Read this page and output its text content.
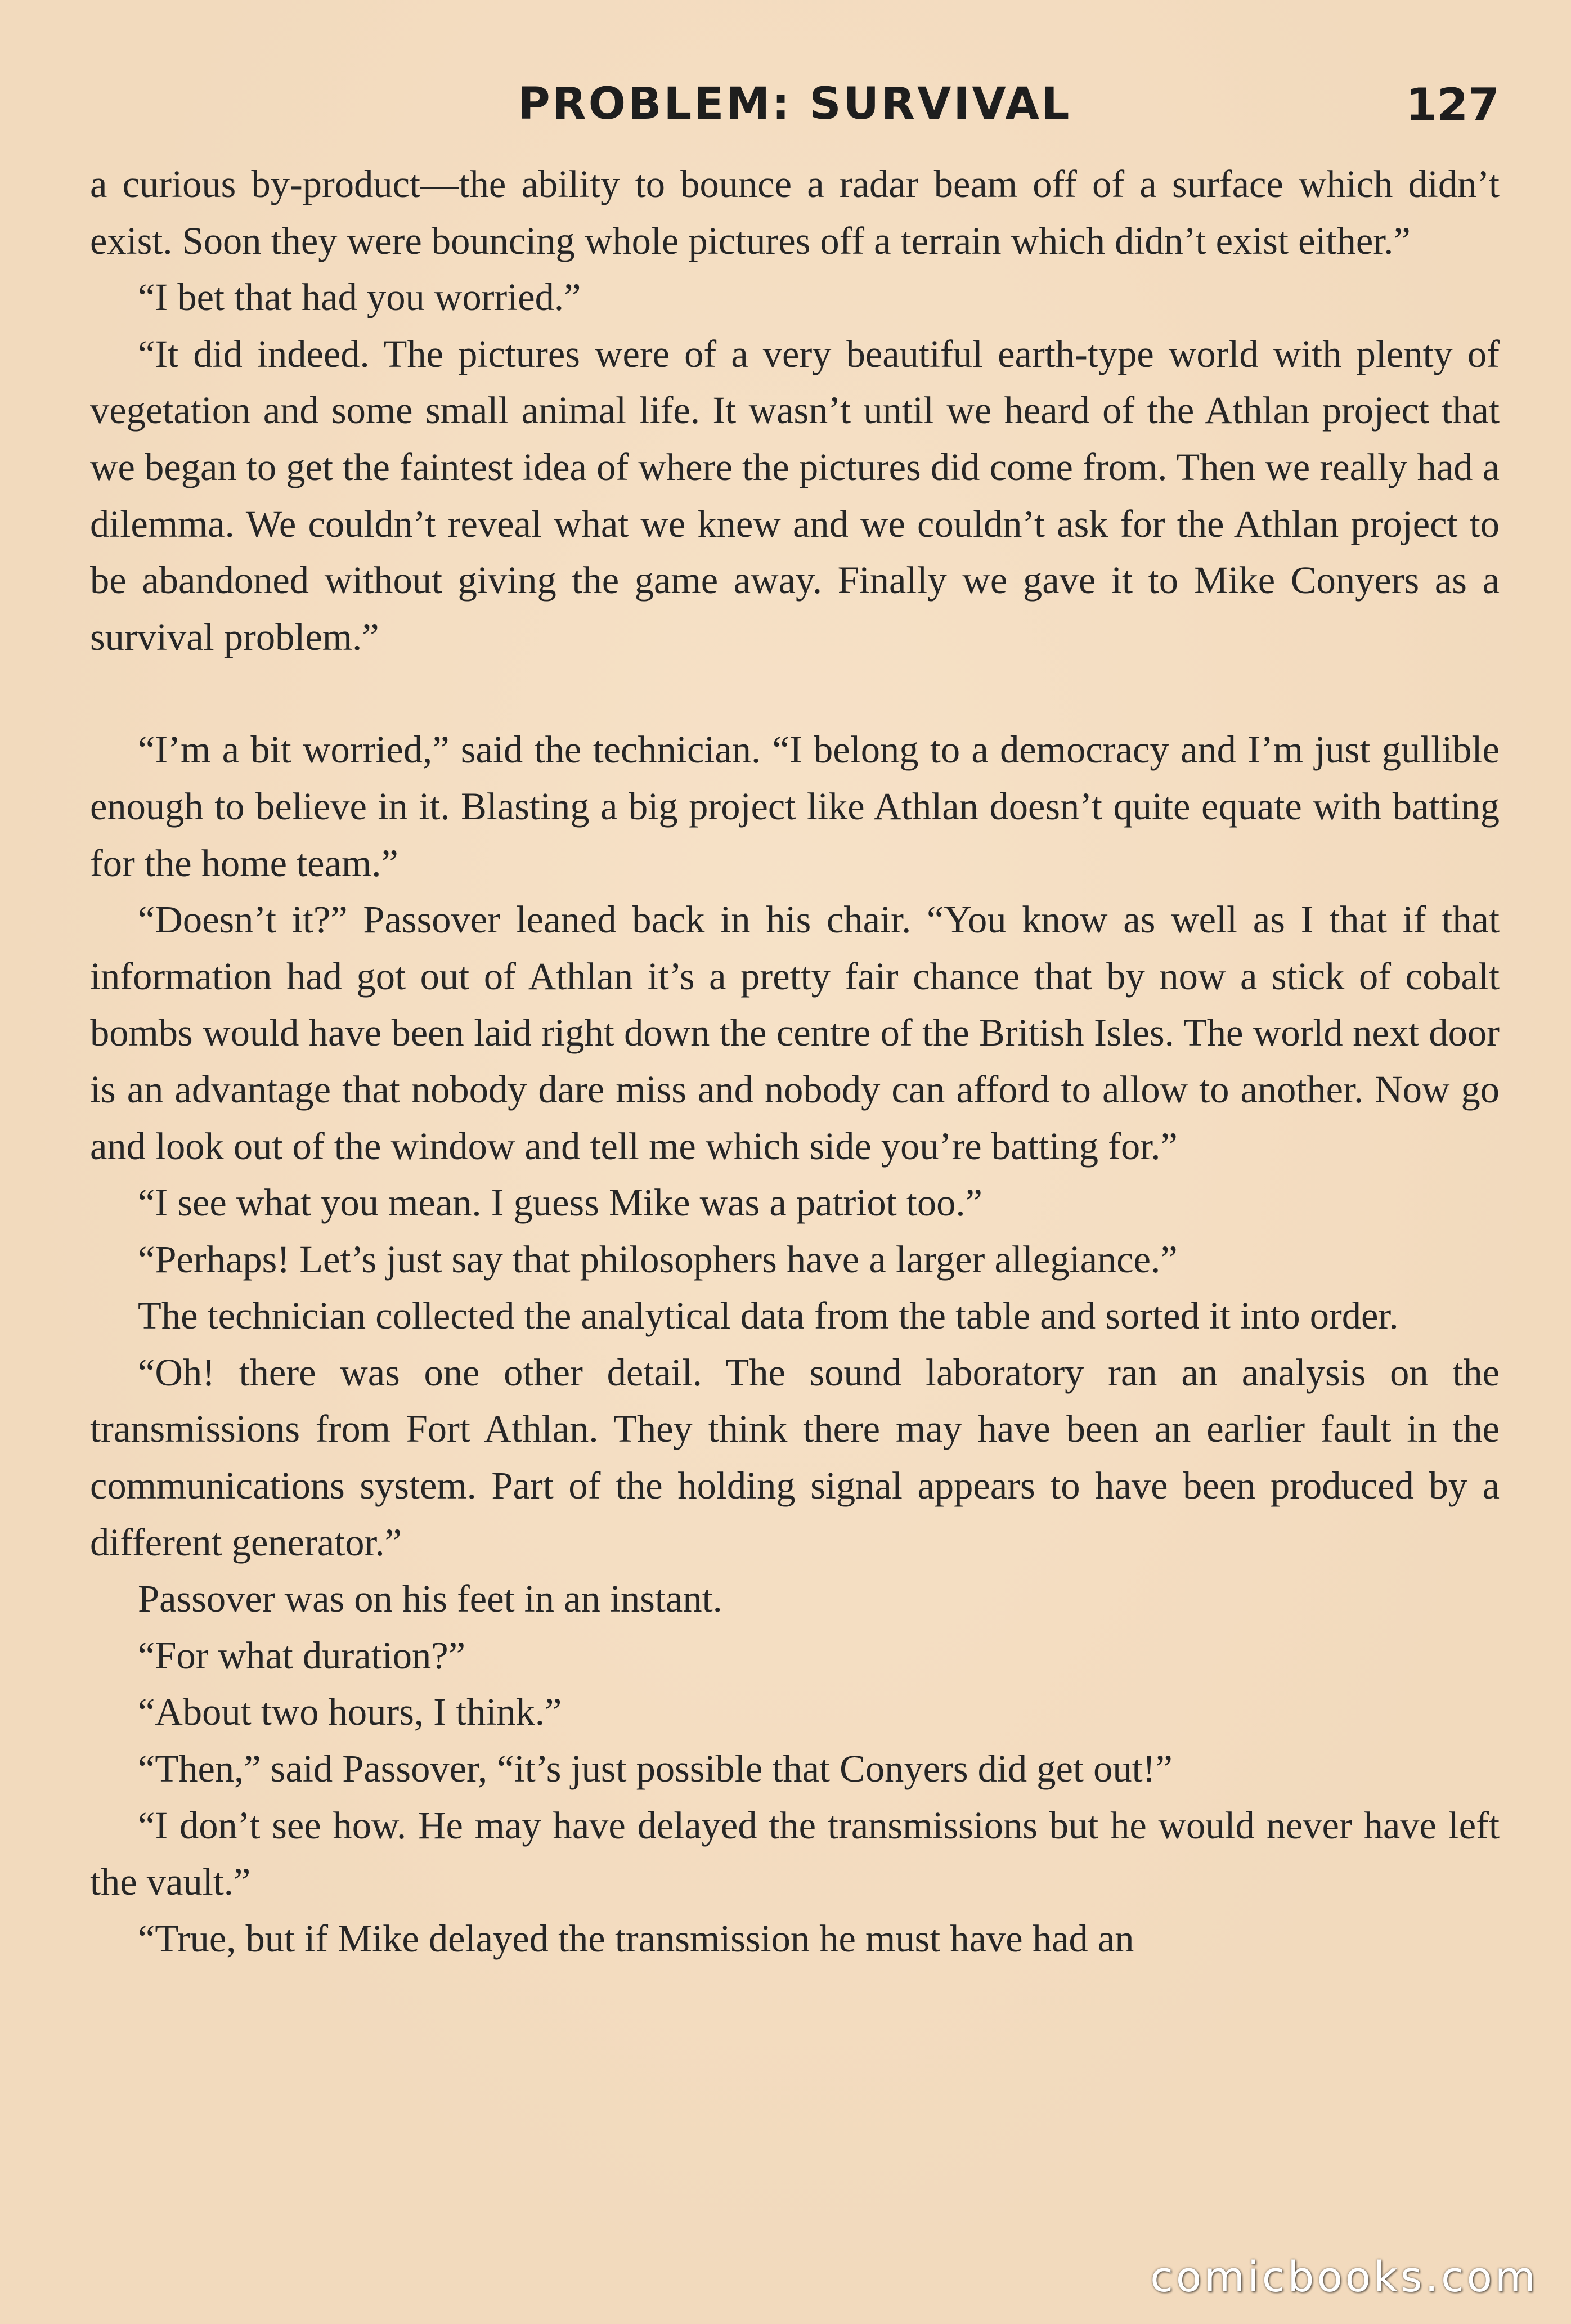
PROBLEM: SURVIVAL	127

a curious by-product—the ability to bounce a radar beam off of a surface which didn’t exist. Soon they were bouncing whole pictures off a terrain which didn’t exist either.”

“I bet that had you worried.”

“It did indeed. The pictures were of a very beautiful earth-type world with plenty of vegetation and some small animal life. It wasn’t until we heard of the Athlan project that we began to get the faintest idea of where the pictures did come from. Then we really had a dilemma. We couldn’t reveal what we knew and we couldn’t ask for the Athlan project to be abandoned without giving the game away. Finally we gave it to Mike Conyers as a survival problem.”

“I’m a bit worried,” said the technician. “I belong to a democracy and I’m just gullible enough to believe in it. Blasting a big project like Athlan doesn’t quite equate with batting for the home team.”

“Doesn’t it?” Passover leaned back in his chair. “You know as well as I that if that information had got out of Athlan it’s a pretty fair chance that by now a stick of cobalt bombs would have been laid right down the centre of the British Isles. The world next door is an advantage that nobody dare miss and nobody can afford to allow to another. Now go and look out of the window and tell me which side you’re batting for.”

“I see what you mean. I guess Mike was a patriot too.”

“Perhaps! Let’s just say that philosophers have a larger allegiance.”

The technician collected the analytical data from the table and sorted it into order.

“Oh! there was one other detail. The sound laboratory ran an analysis on the transmissions from Fort Athlan. They think there may have been an earlier fault in the communications system. Part of the holding signal appears to have been produced by a different generator.”

Passover was on his feet in an instant.

“For what duration?”

“About two hours, I think.”

“Then,” said Passover, “it’s just possible that Conyers did get out!”

“I don’t see how. He may have delayed the transmissions but he would never have left the vault.”

“True, but if Mike delayed the transmission he must have had an

comicbooks.com
